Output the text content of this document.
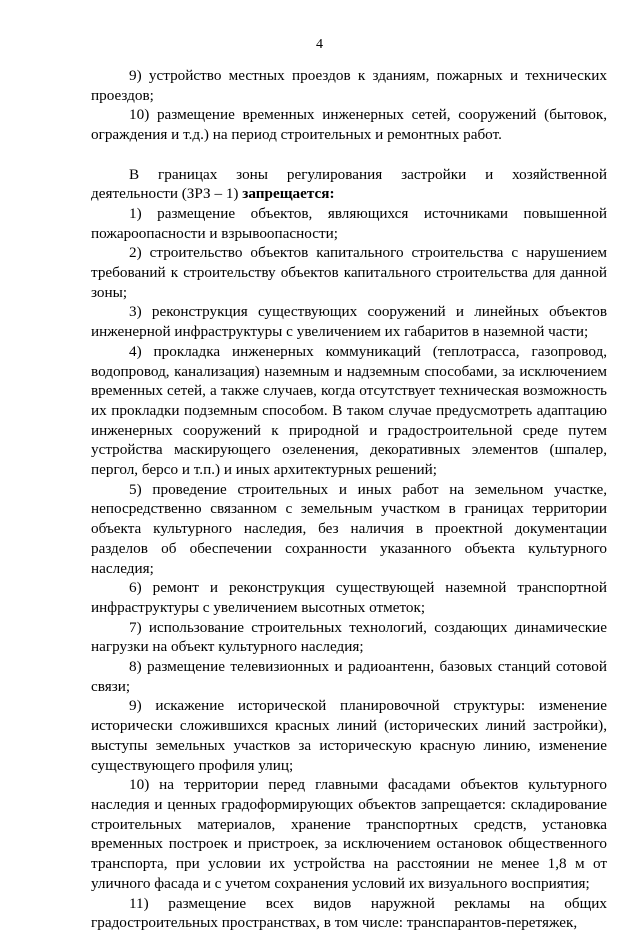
4

9) устройство местных проездов к зданиям, пожарных и технических проездов;

10) размещение временных инженерных сетей, сооружений (бытовок, ограждения и т.д.) на период строительных и ремонтных работ.

В границах зоны регулирования застройки и хозяйственной деятельности (ЗРЗ – 1) запрещается:

1) размещение объектов, являющихся источниками повышенной пожароопасности и взрывоопасности;

2) строительство объектов капитального строительства с нарушением требований к строительству объектов капитального строительства для данной зоны;

3) реконструкция существующих сооружений и линейных объектов инженерной инфраструктуры с увеличением их габаритов в наземной части;

4) прокладка инженерных коммуникаций (теплотрасса, газопровод, водопровод, канализация) наземным и надземным способами, за исключением временных сетей, а также случаев, когда отсутствует техническая возможность их прокладки подземным способом. В таком случае предусмотреть адаптацию инженерных сооружений к природной и градостроительной среде путем устройства маскирующего озеленения, декоративных элементов (шпалер, пергол, берсо и т.п.) и иных архитектурных решений;

5) проведение строительных и иных работ на земельном участке, непосредственно связанном с земельным участком в границах территории объекта культурного наследия, без наличия в проектной документации разделов об обеспечении сохранности указанного объекта культурного наследия;

6) ремонт и реконструкция существующей наземной транспортной инфраструктуры с увеличением высотных отметок;

7) использование строительных технологий, создающих динамические нагрузки на объект культурного наследия;

8) размещение телевизионных и радиоантенн, базовых станций сотовой связи;

9) искажение исторической планировочной структуры: изменение исторически сложившихся красных линий (исторических линий застройки), выступы земельных участков за историческую красную линию, изменение существующего профиля улиц;

10) на территории перед главными фасадами объектов культурного наследия и ценных градоформирующих объектов запрещается: складирование строительных материалов, хранение транспортных средств, установка временных построек и пристроек, за исключением остановок общественного транспорта, при условии их устройства на расстоянии не менее 1,8 м от уличного фасада и с учетом сохранения условий их визуального восприятия;

11) размещение всех видов наружной рекламы на общих градостроительных пространствах, в том числе: транспарантов-перетяжек,
